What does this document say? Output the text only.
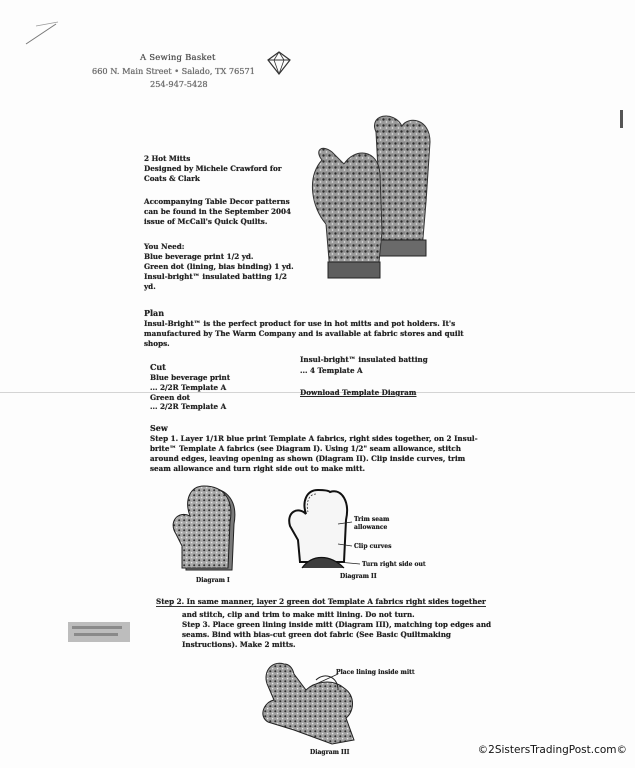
A Sewing Basket
660 N. Main Street • Salado, TX 76571
254-947-5428
2 Hot Mitts
Designed by Michele Crawford for
Coats & Clark
Accompanying Table Decor patterns
can be found in the September 2004
issue of McCall's Quick Quilts.
You Need:
Blue beverage print 1/2 yd.
Green dot (lining, bias binding) 1 yd.
Insul-bright™ insulated batting 1/2
yd.
Plan
Insul-Bright™ is the perfect product for use in hot mitts and pot holders. It's
manufactured by The Warm Company and is available at fabric stores and quilt
shops.
Cut
Blue beverage print
... 2/2R Template A
Green dot
... 2/2R Template A
Insul-bright™ insulated batting
... 4 Template A
Download Template Diagram
Sew
Step 1. Layer 1/1R blue print Template A fabrics, right sides together, on 2 Insul-
brite™ Template A fabrics (see Diagram I). Using 1/2" seam allowance, stitch
around edges, leaving opening as shown (Diagram II). Clip inside curves, trim
seam allowance and turn right side out to make mitt.
Diagram I
Trim seam
allowance
Clip curves
Turn right side out
Diagram II
Step 2. In same manner, layer 2 green dot Template A fabrics right sides together
and stitch, clip and trim to make mitt lining. Do not turn.
Step 3. Place green lining inside mitt (Diagram III), matching top edges and
seams. Bind with bias-cut green dot fabric (See Basic Quiltmaking
Instructions). Make 2 mitts.
Place lining inside mitt
Diagram III	©2SistersTradingPost.com©
